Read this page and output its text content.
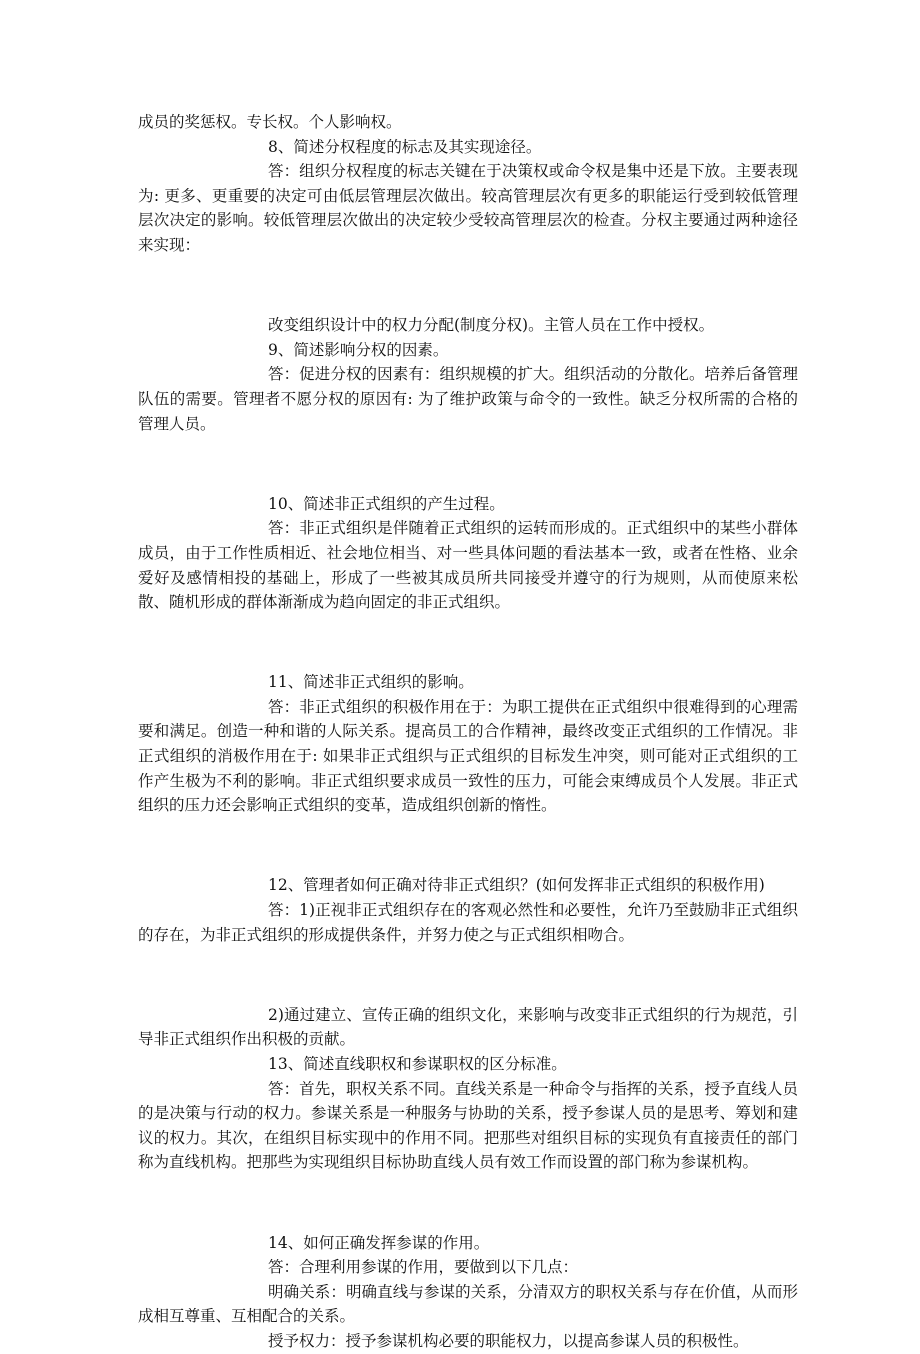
成员的奖惩权。专长权。个人影响权。

8、简述分权程度的标志及其实现途径。

答：组织分权程度的标志关键在于决策权或命令权是集中还是下放。主要表现为: 更多、更重要的决定可由低层管理层次做出。较高管理层次有更多的职能运行受到较低管理层次决定的影响。较低管理层次做出的决定较少受较高管理层次的检查。分权主要通过两种途径来实现：

改变组织设计中的权力分配(制度分权)。主管人员在工作中授权。

9、简述影响分权的因素。

答：促进分权的因素有：组织规模的扩大。组织活动的分散化。培养后备管理队伍的需要。管理者不愿分权的原因有: 为了维护政策与命令的一致性。缺乏分权所需的合格的管理人员。

10、简述非正式组织的产生过程。

答：非正式组织是伴随着正式组织的运转而形成的。正式组织中的某些小群体成员，由于工作性质相近、社会地位相当、对一些具体问题的看法基本一致，或者在性格、业余爱好及感情相投的基础上，形成了一些被其成员所共同接受并遵守的行为规则，从而使原来松散、随机形成的群体渐渐成为趋向固定的非正式组织。

11、简述非正式组织的影响。

答：非正式组织的积极作用在于：为职工提供在正式组织中很难得到的心理需要和满足。创造一种和谐的人际关系。提高员工的合作精神，最终改变正式组织的工作情况。非正式组织的消极作用在于: 如果非正式组织与正式组织的目标发生冲突，则可能对正式组织的工作产生极为不利的影响。非正式组织要求成员一致性的压力，可能会束缚成员个人发展。非正式组织的压力还会影响正式组织的变革，造成组织创新的惰性。

12、管理者如何正确对待非正式组织？(如何发挥非正式组织的积极作用)

答：1)正视非正式组织存在的客观必然性和必要性，允许乃至鼓励非正式组织的存在，为非正式组织的形成提供条件，并努力使之与正式组织相吻合。

2)通过建立、宣传正确的组织文化，来影响与改变非正式组织的行为规范，引导非正式组织作出积极的贡献。

13、简述直线职权和参谋职权的区分标准。

答：首先，职权关系不同。直线关系是一种命令与指挥的关系，授予直线人员的是决策与行动的权力。参谋关系是一种服务与协助的关系，授予参谋人员的是思考、筹划和建议的权力。其次，在组织目标实现中的作用不同。把那些对组织目标的实现负有直接责任的部门称为直线机构。把那些为实现组织目标协助直线人员有效工作而设置的部门称为参谋机构。

14、如何正确发挥参谋的作用。

答：合理利用参谋的作用，要做到以下几点：

明确关系：明确直线与参谋的关系，分清双方的职权关系与存在价值，从而形成相互尊重、互相配合的关系。

授予权力：授予参谋机构必要的职能权力，以提高参谋人员的积极性。
